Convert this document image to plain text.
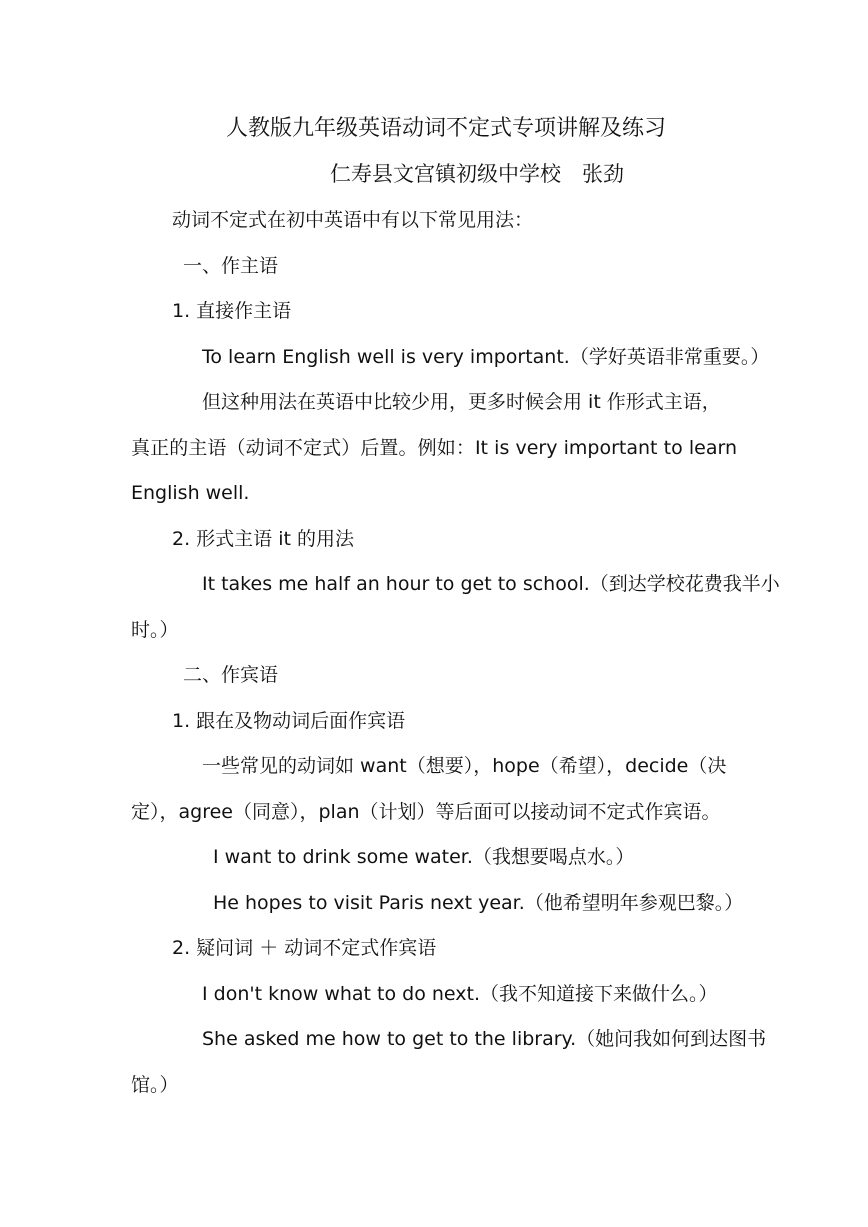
人教版九年级英语动词不定式专项讲解及练习
仁寿县文宫镇初级中学校　张劲
动词不定式在初中英语中有以下常见用法：
一、作主语
1. 直接作主语
To learn English well is very important.（学好英语非常重要。）
但这种用法在英语中比较少用，更多时候会用 it 作形式主语，
真正的主语（动词不定式）后置。例如：It is very important to learn
English well.
2. 形式主语 it 的用法
It takes me half an hour to get to school.（到达学校花费我半小
时。）
二、作宾语
1. 跟在及物动词后面作宾语
一些常见的动词如 want（想要），hope（希望），decide（决
定），agree（同意），plan（计划）等后面可以接动词不定式作宾语。
I want to drink some water.（我想要喝点水。）
He hopes to visit Paris next year.（他希望明年参观巴黎。）
2. 疑问词 ＋ 动词不定式作宾语
I don't know what to do next.（我不知道接下来做什么。）
She asked me how to get to the library.（她问我如何到达图书
馆。）
